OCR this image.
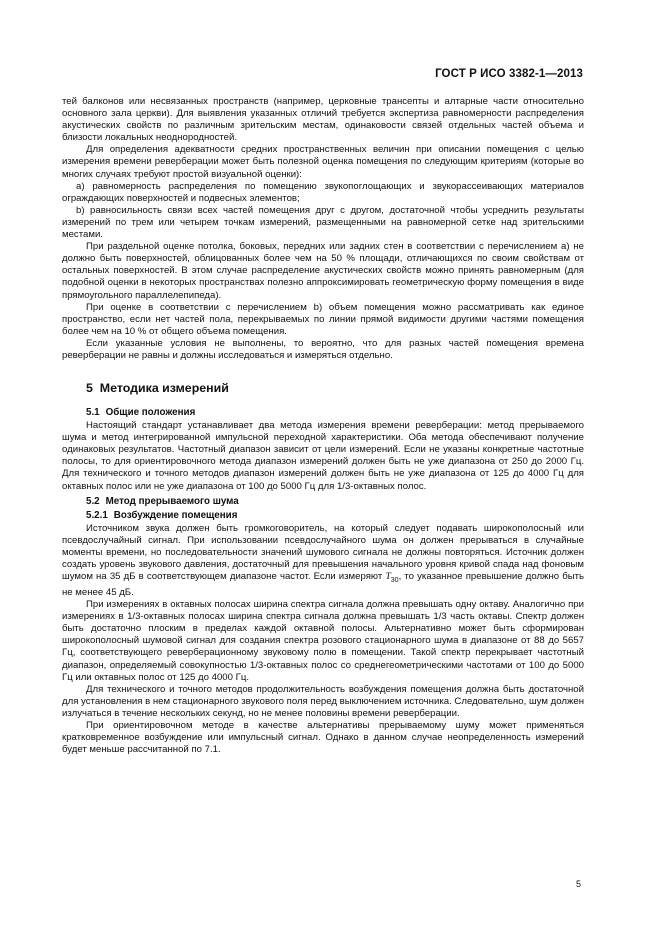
ГОСТ Р ИСО 3382-1—2013

тей балконов или несвязанных пространств (например, церковные трансепты и алтарные части относительно основного зала церкви). Для выявления указанных отличий требуется экспертиза равномерности распределения акустических свойств по различным зрительским местам, одинаковости связей отдельных частей объема и близости локальных неоднородностей.

Для определения адекватности средних пространственных величин при описании помещения с целью измерения времени реверберации может быть полезной оценка помещения по следующим критериям (которые во многих случаях требуют простой визуальной оценки):

a) равномерность распределения по помещению звукопоглощающих и звукорассеивающих материалов ограждающих поверхностей и подвесных элементов;

b) равносильность связи всех частей помещения друг с другом, достаточной чтобы усреднить результаты измерений по трем или четырем точкам измерений, размещенными на равномерной сетке над зрительскими местами.

При раздельной оценке потолка, боковых, передних или задних стен в соответствии с перечислением a) не должно быть поверхностей, облицованных более чем на 50 % площади, отличающихся по своим свойствам от остальных поверхностей. В этом случае распределение акустических свойств можно принять равномерным (для подобной оценки в некоторых пространствах полезно аппроксимировать геометрическую форму помещения в виде прямоугольного параллелепипеда).

При оценке в соответствии с перечислением b) объем помещения можно рассматривать как единое пространство, если нет частей пола, перекрываемых по линии прямой видимости другими частями помещения более чем на 10 % от общего объема помещения.

Если указанные условия не выполнены, то вероятно, что для разных частей помещения времена реверберации не равны и должны исследоваться и измеряться отдельно.

5 Методика измерений
5.1 Общие положения

Настоящий стандарт устанавливает два метода измерения времени реверберации: метод прерываемого шума и метод интегрированной импульсной переходной характеристики. Оба метода обеспечивают получение одинаковых результатов. Частотный диапазон зависит от цели измерений. Если не указаны конкретные частотные полосы, то для ориентировочного метода диапазон измерений должен быть не уже диапазона от 250 до 2000 Гц. Для технического и точного методов диапазон измерений должен быть не уже диапазона от 125 до 4000 Гц для октавных полос или не уже диапазона от 100 до 5000 Гц для 1/3-октавных полос.

5.2 Метод прерываемого шума
5.2.1 Возбуждение помещения

Источником звука должен быть громкоговоритель, на который следует подавать широкополосный или псевдослучайный сигнал. При использовании псевдослучайного шума он должен прерываться в случайные моменты времени, но последовательности значений шумового сигнала не должны повторяться. Источник должен создать уровень звукового давления, достаточный для превышения начального уровня кривой спада над фоновым шумом на 35 дБ в соответствующем диапазоне частот. Если измеряют $T_{30}$, то указанное превышение должно быть не менее 45 дБ.

При измерениях в октавных полосах ширина спектра сигнала должна превышать одну октаву. Аналогично при измерениях в 1/3-октавных полосах ширина спектра сигнала должна превышать 1/3 часть октавы. Спектр должен быть достаточно плоским в пределах каждой октавной полосы. Альтернативно может быть сформирован широкополосный шумовой сигнал для создания спектра розового стационарного шума в диапазоне от 88 до 5657 Гц, соответствующего реверберационному звуковому полю в помещении. Такой спектр перекрывает частотный диапазон, определяемый совокупностью 1/3-октавных полос со среднегеометрическими частотами от 100 до 5000 Гц или октавных полос от 125 до 4000 Гц.

Для технического и точного методов продолжительность возбуждения помещения должна быть достаточной для установления в нем стационарного звукового поля перед выключением источника. Следовательно, шум должен излучаться в течение нескольких секунд, но не менее половины времени реверберации.

При ориентировочном методе в качестве альтернативы прерываемому шуму может применяться кратковременное возбуждение или импульсный сигнал. Однако в данном случае неопределенность измерений будет меньше рассчитанной по 7.1.

5
